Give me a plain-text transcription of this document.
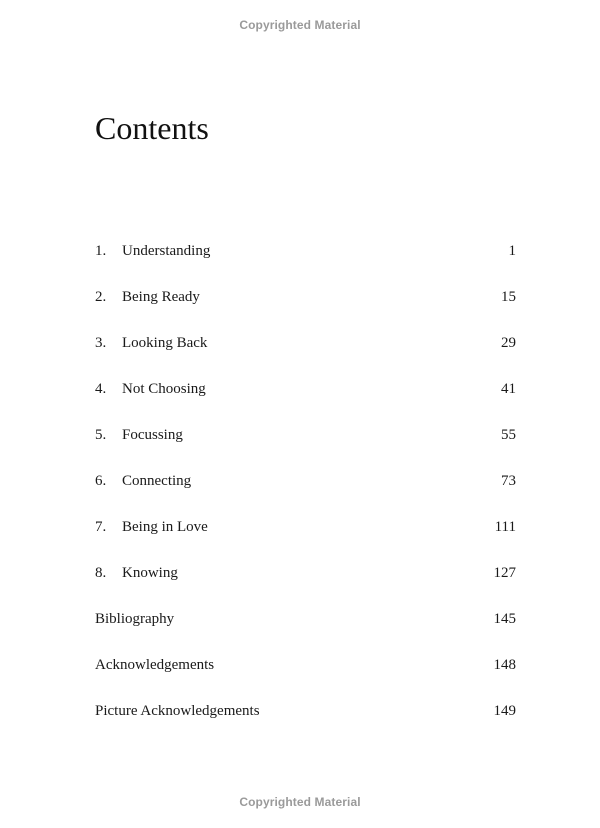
Copyrighted Material
Contents
1.	Understanding	1
2.	Being Ready	15
3.	Looking Back	29
4.	Not Choosing	41
5.	Focussing	55
6.	Connecting	73
7.	Being in Love	111
8.	Knowing	127
Bibliography	145
Acknowledgements	148
Picture Acknowledgements	149
Copyrighted Material
